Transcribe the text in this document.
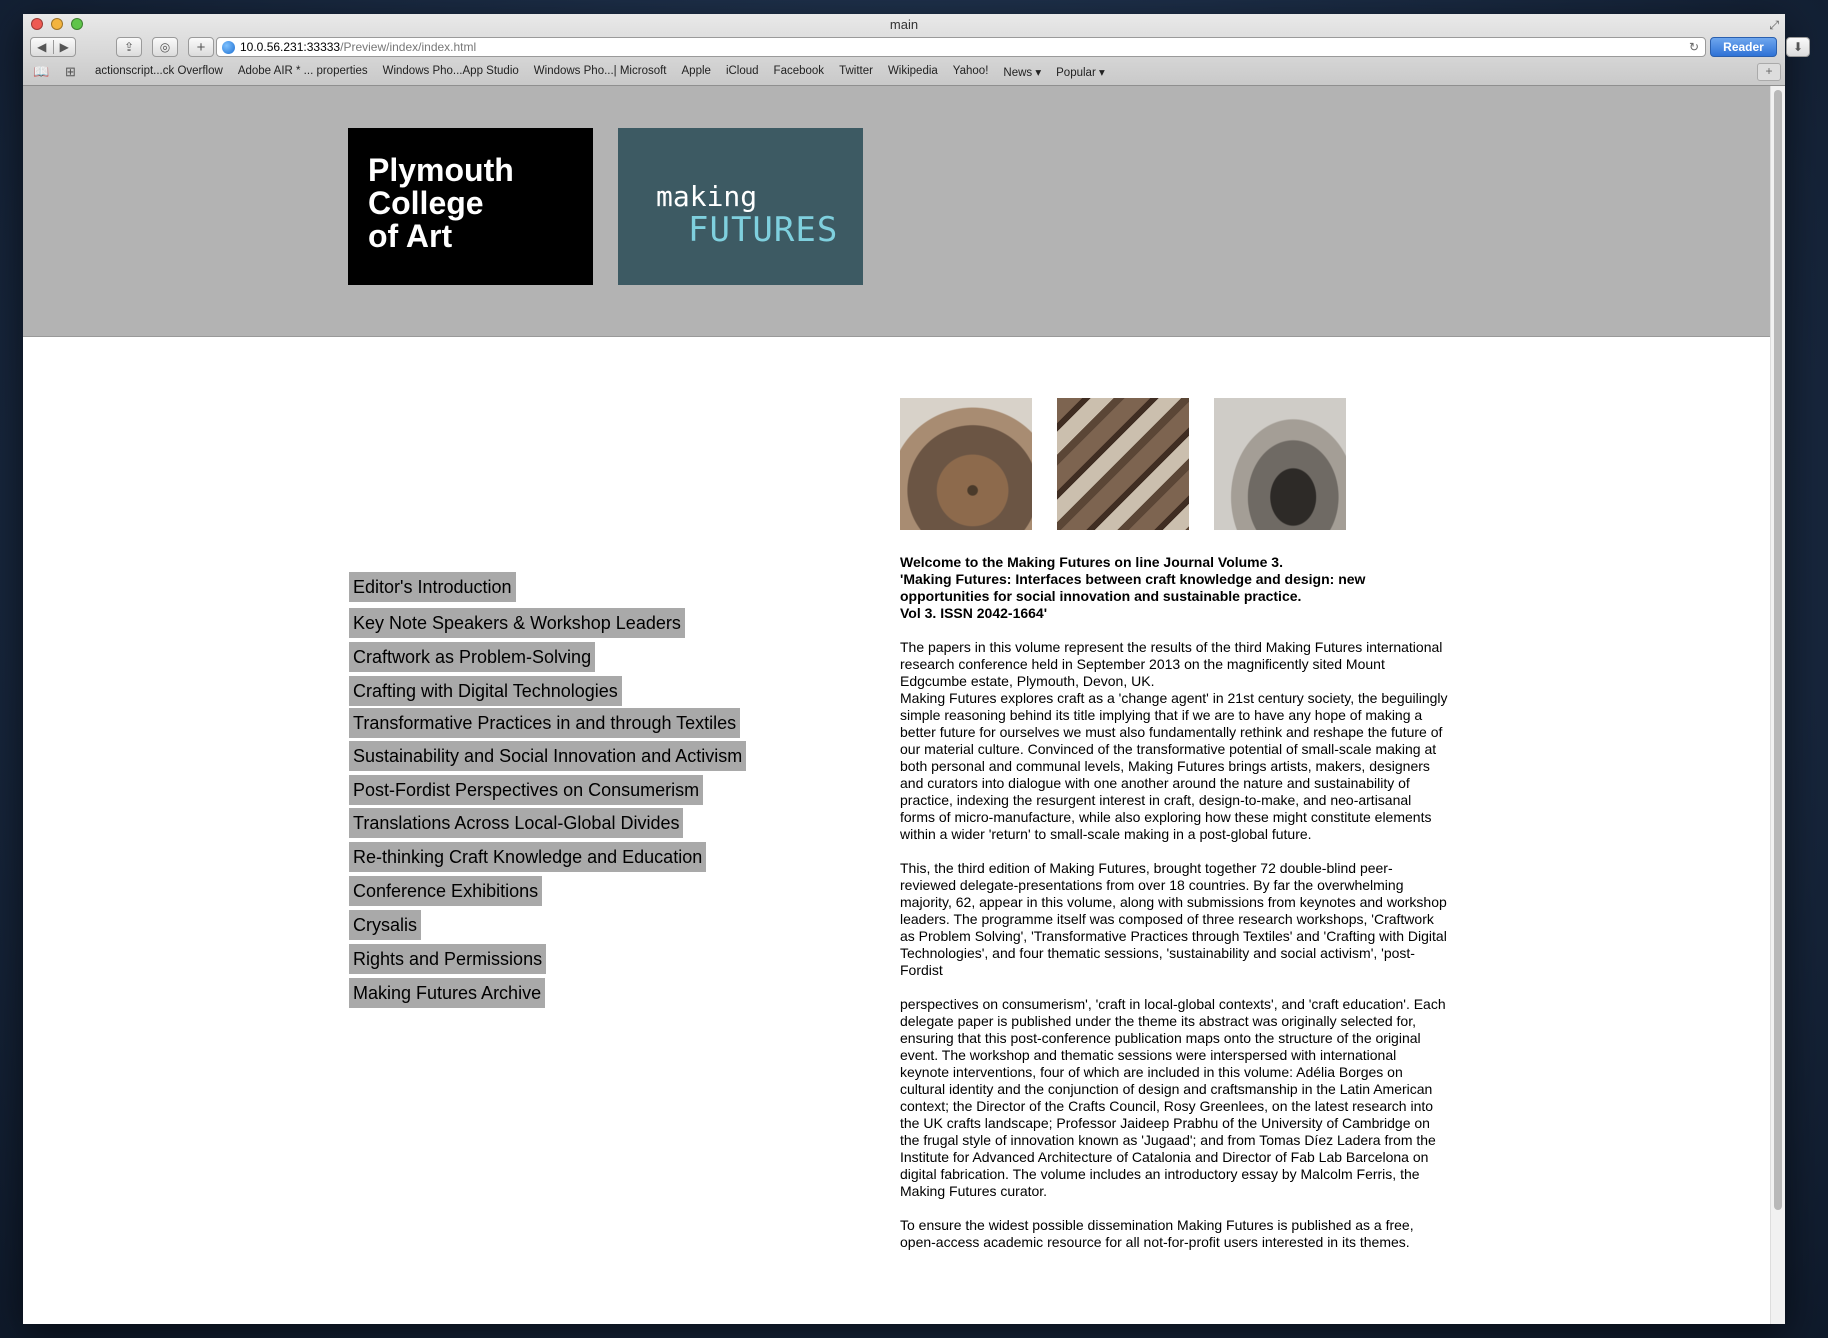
main	⤢
◀	▶	⇪	◎	+	10.0.56.231:33333 /Preview/index/index.html	↻	Reader	⬇
📖 ⊞ actionscript...ck Overflow Adobe AIR * ... properties Windows Pho...App Studio Windows Pho...| Microsoft Apple iCloud Facebook Twitter Wikipedia Yahoo! News ▾ Popular ▾	+
Plymouth
College
of Art
making
FUTURES
Editor's Introduction
Key Note Speakers & Workshop Leaders
Craftwork as Problem-Solving
Crafting with Digital Technologies
Transformative Practices in and through Textiles
Sustainability and Social Innovation and Activism
Post-Fordist Perspectives on Consumerism
Translations Across Local-Global Divides
Re-thinking Craft Knowledge and Education
Conference Exhibitions
Crysalis
Rights and Permissions
Making Futures Archive

Welcome to the Making Futures on line Journal Volume 3.
'Making Futures: Interfaces between craft knowledge and design: new opportunities for social innovation and sustainable practice.
Vol 3. ISSN 2042-1664'

The papers in this volume represent the results of the third Making Futures international research conference held in September 2013 on the magnificently sited Mount Edgcumbe estate, Plymouth, Devon, UK.

Making Futures explores craft as a 'change agent' in 21st century society, the beguilingly simple reasoning behind its title implying that if we are to have any hope of making a better future for ourselves we must also fundamentally rethink and reshape the future of our material culture. Convinced of the transformative potential of small-scale making at both personal and communal levels, Making Futures brings artists, makers, designers and curators into dialogue with one another around the nature and sustainability of practice, indexing the resurgent interest in craft, design-to-make, and neo-artisanal forms of micro-manufacture, while also exploring how these might constitute elements within a wider 'return' to small-scale making in a post-global future.

This, the third edition of Making Futures, brought together 72 double-blind peer-reviewed delegate-presentations from over 18 countries. By far the overwhelming majority, 62, appear in this volume, along with submissions from keynotes and workshop leaders. The programme itself was composed of three research workshops, 'Craftwork as Problem Solving', 'Transformative Practices through Textiles' and 'Crafting with Digital Technologies', and four thematic sessions, 'sustainability and social activism', 'post-Fordist

perspectives on consumerism', 'craft in local-global contexts', and 'craft education'. Each delegate paper is published under the theme its abstract was originally selected for, ensuring that this post-conference publication maps onto the structure of the original event. The workshop and thematic sessions were interspersed with international keynote interventions, four of which are included in this volume: Adélia Borges on cultural identity and the conjunction of design and craftsmanship in the Latin American context; the Director of the Crafts Council, Rosy Greenlees, on the latest research into the UK crafts landscape; Professor Jaideep Prabhu of the University of Cambridge on the frugal style of innovation known as 'Jugaad'; and from Tomas Díez Ladera from the Institute for Advanced Architecture of Catalonia and Director of Fab Lab Barcelona on digital fabrication. The volume includes an introductory essay by Malcolm Ferris, the Making Futures curator.

To ensure the widest possible dissemination Making Futures is published as a free, open-access academic resource for all not-for-profit users interested in its themes.
